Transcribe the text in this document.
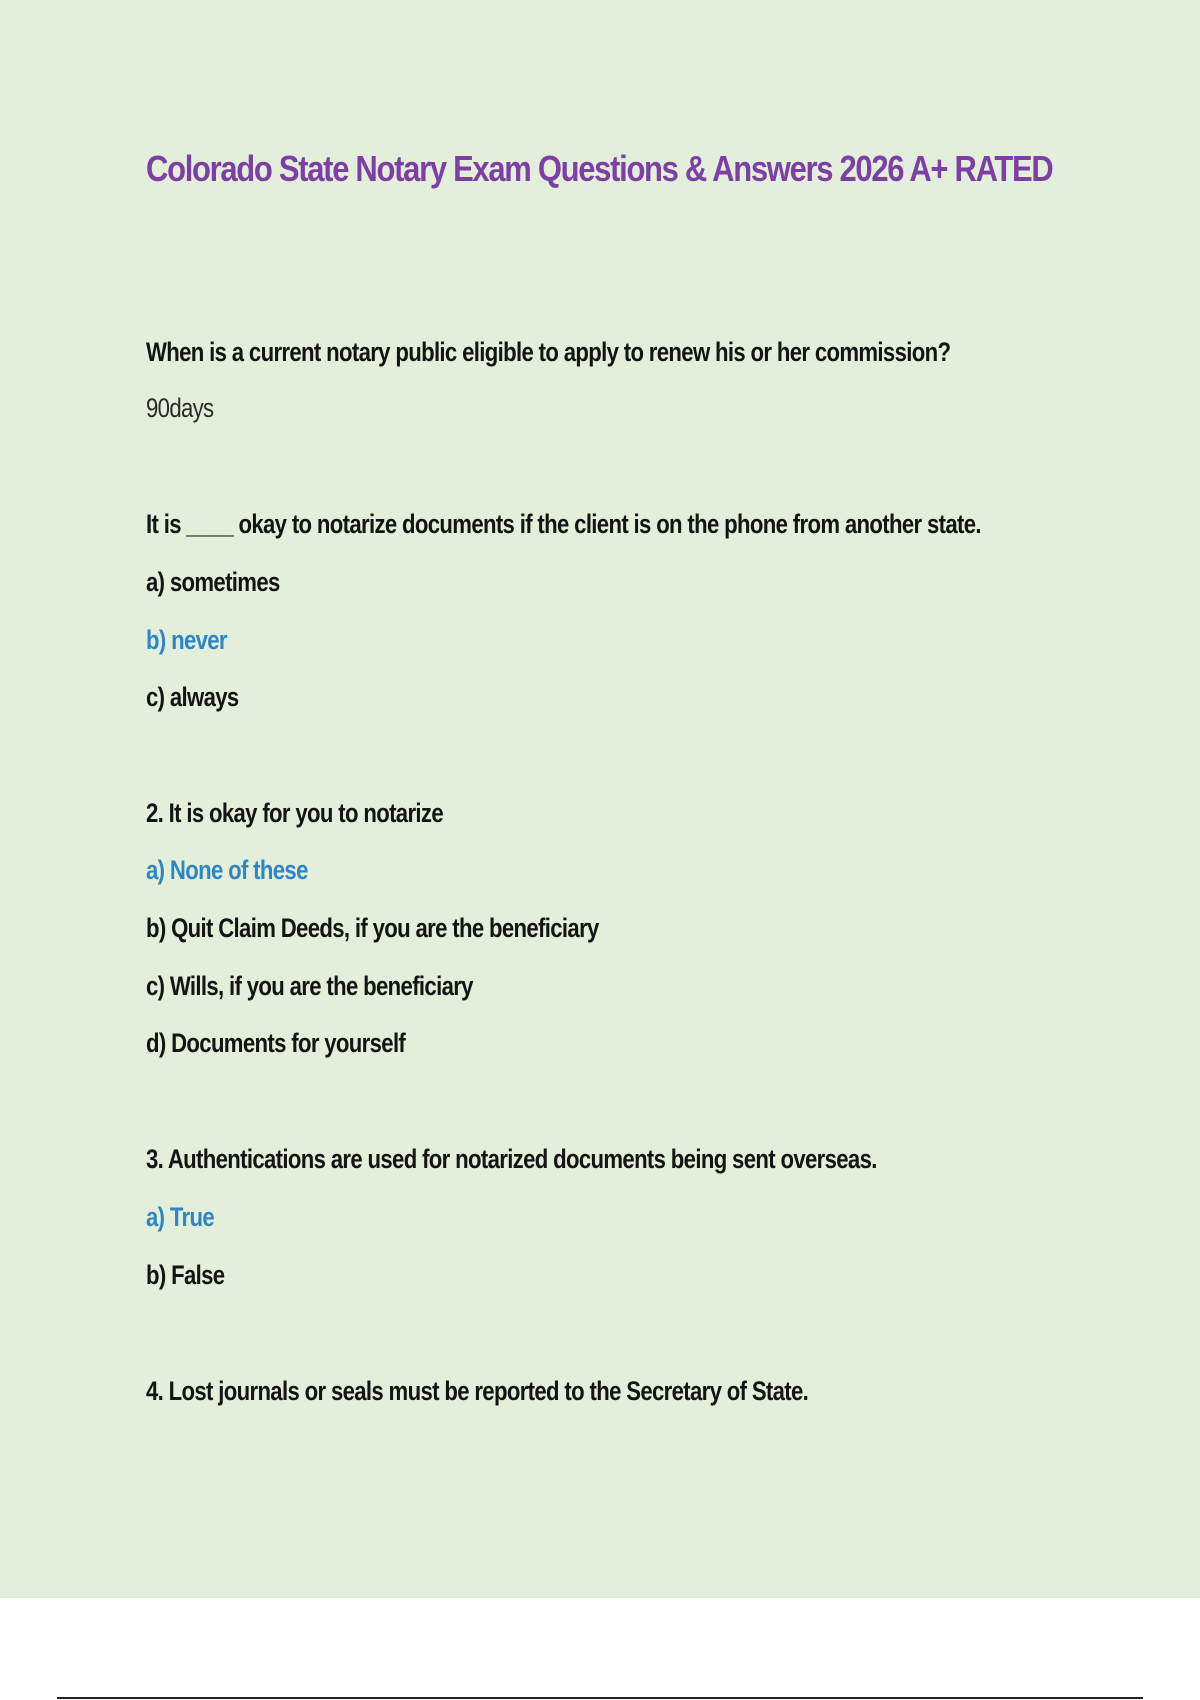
Colorado State Notary Exam Questions & Answers 2026 A+ RATED
When is a current notary public eligible to apply to renew his or her commission?
90days
It is ____ okay to notarize documents if the client is on the phone from another state.
a) sometimes
b) never
c) always
2. It is okay for you to notarize
a) None of these
b) Quit Claim Deeds, if you are the beneficiary
c) Wills, if you are the beneficiary
d) Documents for yourself
3. Authentications are used for notarized documents being sent overseas.
a) True
b) False
4. Lost journals or seals must be reported to the Secretary of State.
